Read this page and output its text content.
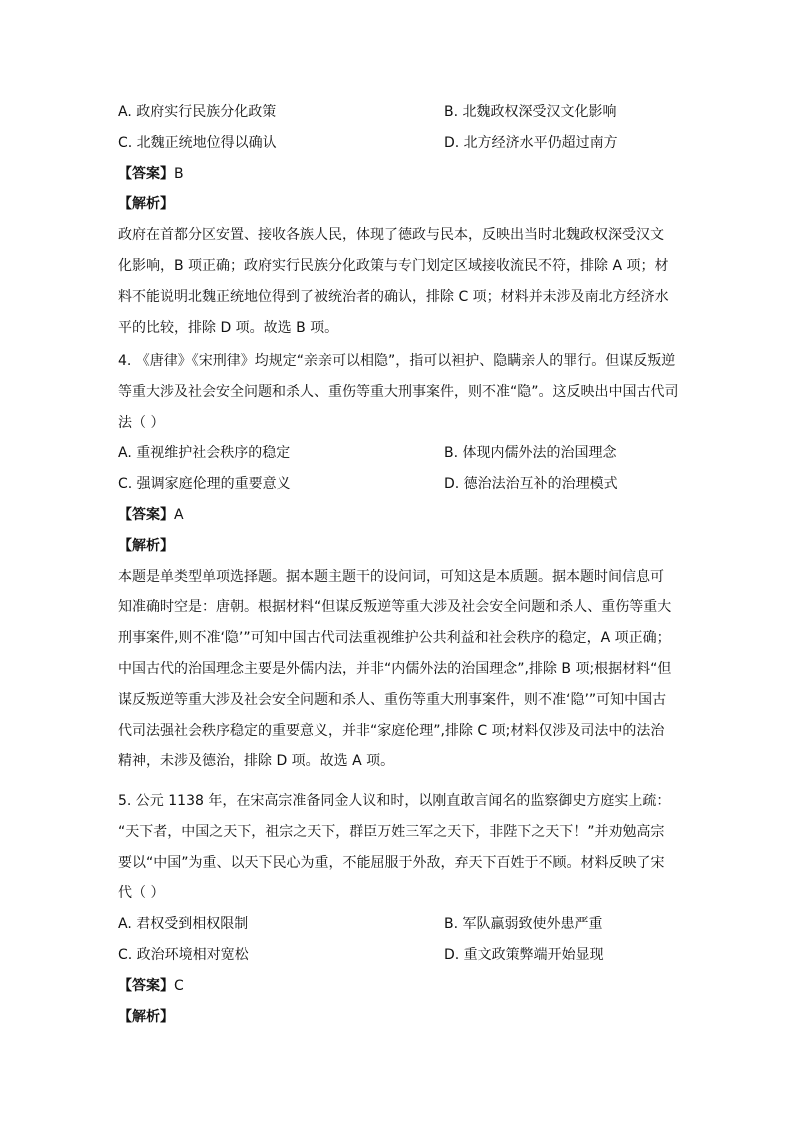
A. 政府实行民族分化政策	B. 北魏政权深受汉文化影响
C. 北魏正统地位得以确认	D. 北方经济水平仍超过南方
【答案】B
【解析】
政府在首都分区安置、接收各族人民，体现了德政与民本，反映出当时北魏政权深受汉文
化影响，B 项正确；政府实行民族分化政策与专门划定区域接收流民不符，排除 A 项；材
料不能说明北魏正统地位得到了被统治者的确认，排除 C 项；材料并未涉及南北方经济水
平的比较，排除 D 项。故选 B 项。
4. 《唐律》《宋刑律》均规定“亲亲可以相隐”，指可以袒护、隐瞒亲人的罪行。但谋反叛逆
等重大涉及社会安全问题和杀人、重伤等重大刑事案件，则不准“隐”。这反映出中国古代司
法（ ）
A. 重视维护社会秩序的稳定	B. 体现内儒外法的治国理念
C. 强调家庭伦理的重要意义	D. 德治法治互补的治理模式
【答案】A
【解析】
本题是单类型单项选择题。据本题主题干的设问词，可知这是本质题。据本题时间信息可
知准确时空是：唐朝。根据材料“但谋反叛逆等重大涉及社会安全问题和杀人、重伤等重大
刑事案件,则不准‘隐’”可知中国古代司法重视维护公共利益和社会秩序的稳定，A 项正确；
中国古代的治国理念主要是外儒内法，并非“内儒外法的治国理念”,排除 B 项;根据材料“但
谋反叛逆等重大涉及社会安全问题和杀人、重伤等重大刑事案件，则不准‘隐’”可知中国古
代司法强社会秩序稳定的重要意义，并非“家庭伦理”,排除 C 项;材料仅涉及司法中的法治
精神，未涉及德治，排除 D 项。故选 A 项。
5. 公元 1138 年，在宋高宗准备同金人议和时，以刚直敢言闻名的监察御史方庭实上疏：
“天下者，中国之天下，祖宗之天下，群臣万姓三军之天下，非陛下之天下！”并劝勉高宗
要以“中国”为重、以天下民心为重，不能屈服于外敌，弃天下百姓于不顾。材料反映了宋
代（ ）
A. 君权受到相权限制	B. 军队羸弱致使外患严重
C. 政治环境相对宽松	D. 重文政策弊端开始显现
【答案】C
【解析】
